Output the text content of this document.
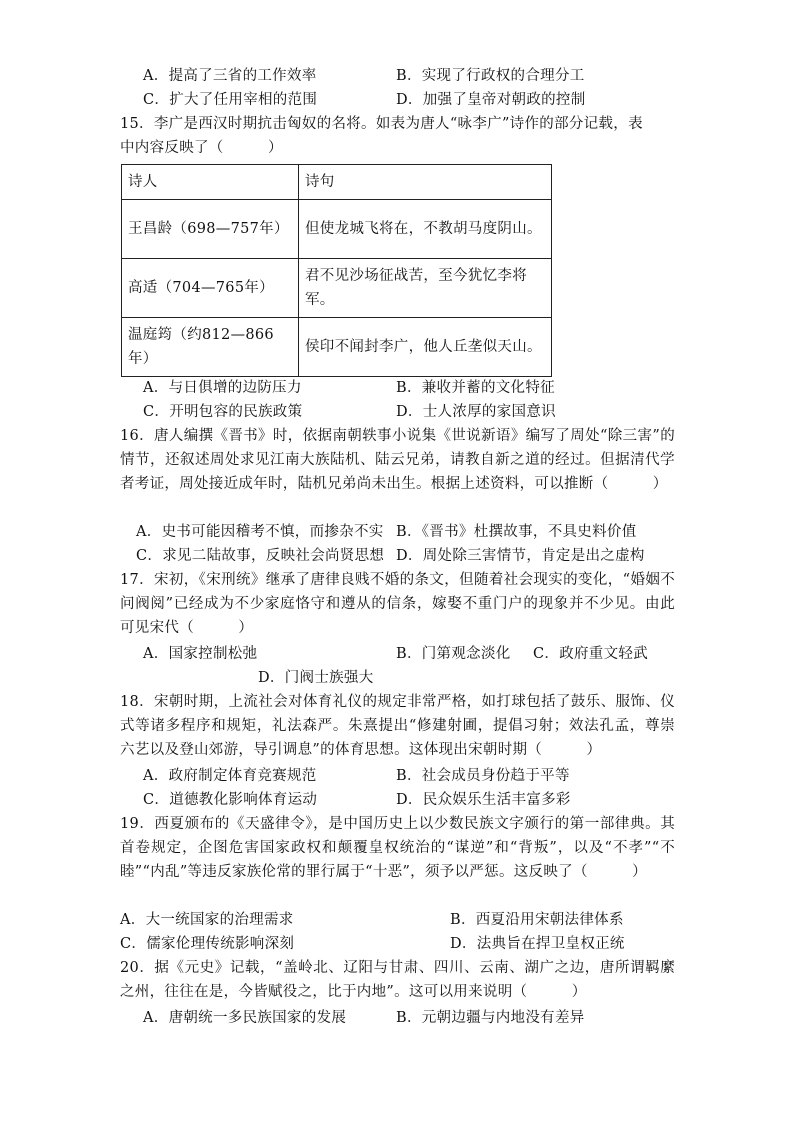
A．提高了三省的工作效率	B．实现了行政权的合理分工
C．扩大了任用宰相的范围	D．加强了皇帝对朝政的控制
15．李广是西汉时期抗击匈奴的名将。如表为唐人“咏李广”诗作的部分记载，表
中内容反映了（　　　）
诗人	诗句
王昌龄（698—757年）	但使龙城飞将在，不教胡马度阴山。
高适（704—765年）	君不见沙场征战苦，至今犹忆李将军。
温庭筠（约812—866年）	侯印不闻封李广，他人丘垄似天山。
A．与日俱增的边防压力	B．兼收并蓄的文化特征
C．开明包容的民族政策	D．士人浓厚的家国意识
16．唐人编撰《晋书》时，依据南朝轶事小说集《世说新语》编写了周处“除三害”的情节，还叙述周处求见江南大族陆机、陆云兄弟，请教自新之道的经过。但据清代学者考证，周处接近成年时，陆机兄弟尚未出生。根据上述资料，可以推断（　　　）
A．史书可能因稽考不慎，而掺杂不实 B．《晋书》杜撰故事，不具史料价值
C．求见二陆故事，反映社会尚贤思想 D．周处除三害情节，肯定是出之虚构
17．宋初，《宋刑统》继承了唐律良贱不婚的条文，但随着社会现实的变化，“婚姻不问阀阅”已经成为不少家庭恪守和遵从的信条，嫁娶不重门户的现象并不少见。由此可见宋代（　　　）
A．国家控制松弛	B．门第观念淡化 C．政府重文轻武
D．门阀士族强大
18．宋朝时期，上流社会对体育礼仪的规定非常严格，如打球包括了鼓乐、服饰、仪式等诸多程序和规矩，礼法森严。朱熹提出“修建射圃，提倡习射；效法孔孟，尊崇六艺以及登山郊游，导引调息”的体育思想。这体现出宋朝时期（　　　）
A．政府制定体育竞赛规范	B．社会成员身份趋于平等
C．道德教化影响体育运动	D．民众娱乐生活丰富多彩
19．西夏颁布的《天盛律令》，是中国历史上以少数民族文字颁行的第一部律典。其首卷规定，企图危害国家政权和颠覆皇权统治的“谋逆”和“背叛”，以及“不孝”“不睦”“内乱”等违反家族伦常的罪行属于“十恶”，须予以严惩。这反映了（　　　）
A．大一统国家的治理需求	B．西夏沿用宋朝法律体系
C．儒家伦理传统影响深刻	D．法典旨在捍卫皇权正统
20．据《元史》记载，“盖岭北、辽阳与甘肃、四川、云南、湖广之边，唐所谓羁縻之州，往往在是，今皆赋役之，比于内地”。这可以用来说明（　　　）
A．唐朝统一多民族国家的发展	B．元朝边疆与内地没有差异
